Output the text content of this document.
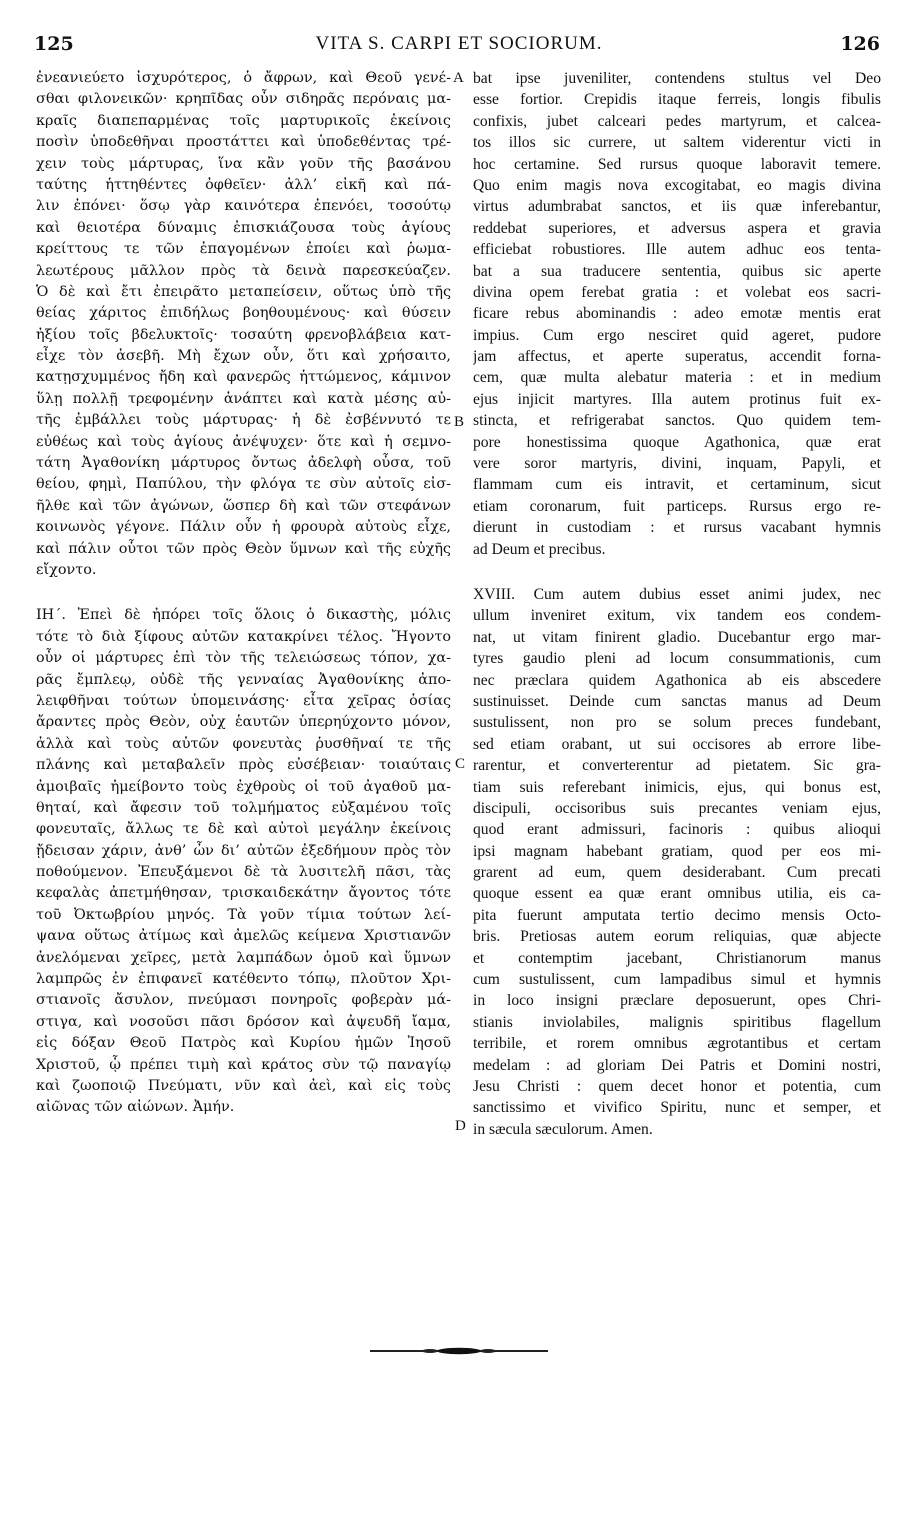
125	VITA S. CARPI ET SOCIORUM.	126
ἐνεανιεύετο ἰσχυρότερος, ὁ ἄφρων, καὶ Θεοῦ γενέ-
σθαι φιλονεικῶν· κρηπῖδας οὖν σιδηρᾶς περόναις μα-
κραῖς διαπεπαρμένας τοῖς μαρτυρικοῖς ἐκείνοις
ποσὶν ὑποδεθῆναι προστάττει καὶ ὑποδεθέντας τρέ-
χειν τοὺς μάρτυρας, ἵνα κἂν γοῦν τῆς βασάνου
ταύτης ἡττηθέντες ὀφθεῖεν· ἀλλ’ εἰκῆ καὶ πά-
λιν ἐπόνει· ὅσῳ γὰρ καινότερα ἐπενόει, τοσούτῳ
καὶ θειοτέρα δύναμις ἐπισκιάζουσα τοὺς ἁγίους
κρείττους τε τῶν ἐπαγομένων ἐποίει καὶ ῥωμα-
λεωτέρους μᾶλλον πρὸς τὰ δεινὰ παρεσκεύαζεν.
Ὁ δὲ καὶ ἔτι ἐπειρᾶτο μεταπείσειν, οὕτως ὑπὸ τῆς
θείας χάριτος ἐπιδήλως βοηθουμένους· καὶ θύσειν
ἠξίου τοῖς βδελυκτοῖς· τοσαύτη φρενοβλάβεια κατ-
εἶχε τὸν ἀσεβῆ. Μὴ ἔχων οὖν, ὅτι καὶ χρήσαιτο,
κατῃσχυμμένος ἤδη καὶ φανερῶς ἡττώμενος, κάμινον
ὕλῃ πολλῇ τρεφομένην ἀνάπτει καὶ κατὰ μέσης αὐ-
τῆς ἐμβάλλει τοὺς μάρτυρας· ἡ δὲ ἐσβέννυτό τε
εὐθέως καὶ τοὺς ἁγίους ἀνέψυχεν· ὅτε καὶ ἡ σεμνο-
τάτη Ἀγαθονίκη μάρτυρος ὄντως ἀδελφὴ οὖσα, τοῦ
θείου, φημὶ, Παπύλου, τὴν φλόγα τε σὺν αὐτοῖς εἰσ-
ῆλθε καὶ τῶν ἀγώνων, ὥσπερ δὴ καὶ τῶν στεφάνων
κοινωνὸς γέγονε. Πάλιν οὖν ἡ φρουρὰ αὐτοὺς εἶχε,
καὶ πάλιν οὗτοι τῶν πρὸς Θεὸν ὕμνων καὶ τῆς εὐχῆς
εἴχοντο.
ΙΗ΄. Ἐπεὶ δὲ ἠπόρει τοῖς ὅλοις ὁ δικαστὴς, μόλις
τότε τὸ διὰ ξίφους αὐτῶν κατακρίνει τέλος. Ἤγοντο
οὖν οἱ μάρτυρες ἐπὶ τὸν τῆς τελειώσεως τόπον, χα-
ρᾶς ἔμπλεῳ, οὐδὲ τῆς γενναίας Ἀγαθονίκης ἀπο-
λειφθῆναι τούτων ὑπομεινάσης· εἶτα χεῖρας ὁσίας
ἄραντες πρὸς Θεὸν, οὐχ ἑαυτῶν ὑπερηύχοντο μόνον,
ἀλλὰ καὶ τοὺς αὐτῶν φονευτὰς ῥυσθῆναί τε τῆς
πλάνης καὶ μεταβαλεῖν πρὸς εὐσέβειαν· τοιαύταις
ἀμοιβαῖς ἠμείβοντο τοὺς ἐχθροὺς οἱ τοῦ ἀγαθοῦ μα-
θηταί, καὶ ἄφεσιν τοῦ τολμήματος εὐξαμένου τοῖς
φονευταῖς, ἄλλως τε δὲ καὶ αὐτοὶ μεγάλην ἐκείνοις
ᾔδεισαν χάριν, ἀνθ’ ὧν δι’ αὐτῶν ἐξεδήμουν πρὸς τὸν
ποθούμενον. Ἐπευξάμενοι δὲ τὰ λυσιτελῆ πᾶσι, τὰς
κεφαλὰς ἀπετμήθησαν, τρισκαιδεκάτην ἄγοντος τότε
τοῦ Ὀκτωβρίου μηνός. Τὰ γοῦν τίμια τούτων λεί-
ψανα οὕτως ἀτίμως καὶ ἀμελῶς κείμενα Χριστιανῶν
ἀνελόμεναι χεῖρες, μετὰ λαμπάδων ὁμοῦ καὶ ὕμνων
λαμπρῶς ἐν ἐπιφανεῖ κατέθεντο τόπῳ, πλοῦτον Χρι-
στιανοῖς ἄσυλον, πνεύμασι πονηροῖς φοβερὰν μά-
στιγα, καὶ νοσοῦσι πᾶσι δρόσον καὶ ἀψευδῆ ἴαμα,
εἰς δόξαν Θεοῦ Πατρὸς καὶ Κυρίου ἡμῶν Ἰησοῦ
Χριστοῦ, ᾧ πρέπει τιμὴ καὶ κράτος σὺν τῷ παναγίῳ
καὶ ζωοποιῷ Πνεύματι, νῦν καὶ ἀεὶ, καὶ εἰς τοὺς
αἰῶνας τῶν αἰώνων. Ἀμήν.
bat ipse juveniliter, contendens stultus vel Deo
esse fortior. Crepidis itaque ferreis, longis fibulis
confixis, jubet calceari pedes martyrum, et calcea-
tos illos sic currere, ut saltem viderentur victi in
hoc certamine. Sed rursus quoque laboravit temere.
Quo enim magis nova excogitabat, eo magis divina
virtus adumbrabat sanctos, et iis quæ inferebantur,
reddebat superiores, et adversus aspera et gravia
efficiebat robustiores. Ille autem adhuc eos tenta-
bat a sua traducere sententia, quibus sic aperte
divina opem ferebat gratia : et volebat eos sacri-
ficare rebus abominandis : adeo emotæ mentis erat
impius. Cum ergo nesciret quid ageret, pudore
jam affectus, et aperte superatus, accendit forna-
cem, quæ multa alebatur materia : et in medium
ejus injicit martyres. Illa autem protinus fuit ex-
stincta, et refrigerabat sanctos. Quo quidem tem-
pore honestissima quoque Agathonica, quæ erat
vere soror martyris, divini, inquam, Papyli, et
flammam cum eis intravit, et certaminum, sicut
etiam coronarum, fuit particeps. Rursus ergo re-
dierunt in custodiam : et rursus vacabant hymnis
ad Deum et precibus.
XVIII. Cum autem dubius esset animi judex, nec
ullum inveniret exitum, vix tandem eos condem-
nat, ut vitam finirent gladio. Ducebantur ergo mar-
tyres gaudio pleni ad locum consummationis, cum
nec præclara quidem Agathonica ab eis abscedere
sustinuisset. Deinde cum sanctas manus ad Deum
sustulissent, non pro se solum preces fundebant,
sed etiam orabant, ut sui occisores ab errore libe-
rarentur, et converterentur ad pietatem. Sic gra-
tiam suis referebant inimicis, ejus, qui bonus est,
discipuli, occisoribus suis precantes veniam ejus,
quod erant admissuri, facinoris : quibus alioqui
ipsi magnam habebant gratiam, quod per eos mi-
grarent ad eum, quem desiderabant. Cum precati
quoque essent ea quæ erant omnibus utilia, eis ca-
pita fuerunt amputata tertio decimo mensis Octo-
bris. Pretiosas autem eorum reliquias, quæ abjecte
et contemptim jacebant, Christianorum manus
cum sustulissent, cum lampadibus simul et hymnis
in loco insigni præclare deposuerunt, opes Chri-
stianis inviolabiles, malignis spiritibus flagellum
terribile, et rorem omnibus ægrotantibus et certam
medelam : ad gloriam Dei Patris et Domini nostri,
Jesu Christi : quem decet honor et potentia, cum
sanctissimo et vivifico Spiritu, nunc et semper, et
in sæcula sæculorum. Amen.
A
B
C
D
